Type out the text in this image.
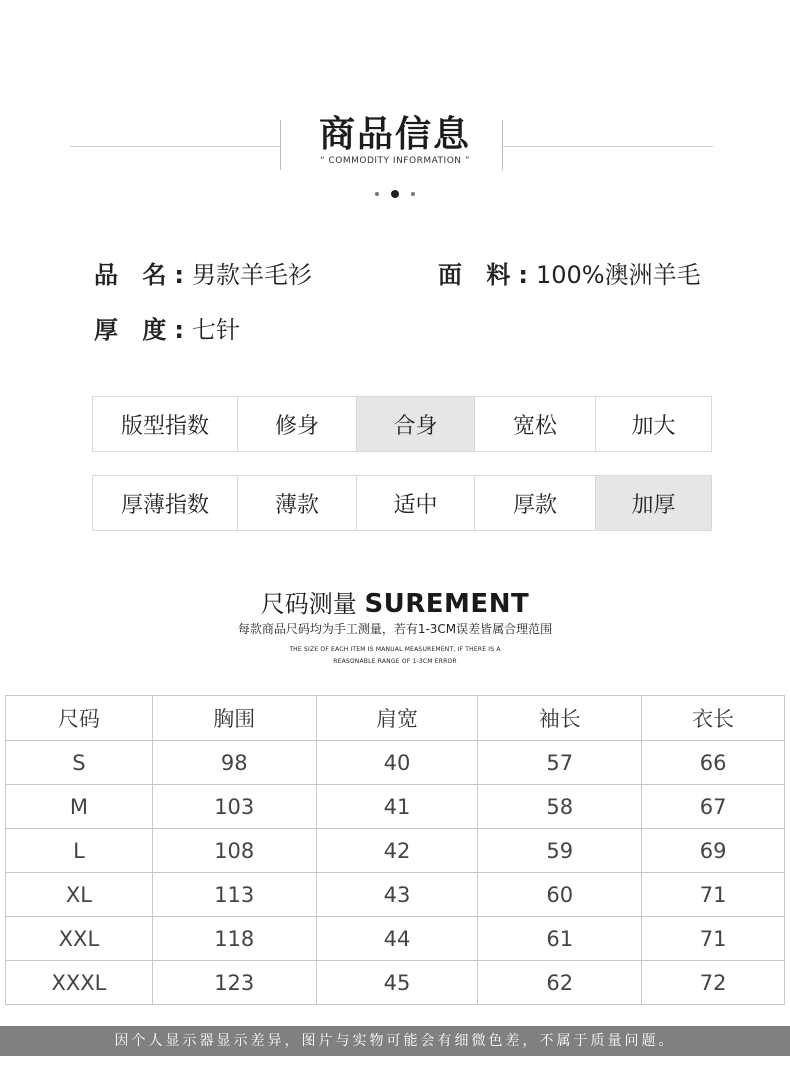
商品信息
“ COMMODITY INFORMATION ”
品 名:男款羊毛衫	面 料:100%澳洲羊毛
厚 度:七针
版型指数	修身	合身	宽松	加大
厚薄指数	薄款	适中	厚款	加厚
尺码测量 SUREMENT
每款商品尺码均为手工测量，若有1-3CM误差皆属合理范围
THE SIZE OF EACH ITEM IS MANUAL MEASUREMENT, IF THERE IS A
REASONABLE RANGE OF 1-3CM ERROR
尺码	胸围	肩宽	袖长	衣长
S	98	40	57	66
M	103	41	58	67
L	108	42	59	69
XL	113	43	60	71
XXL	118	44	61	71
XXXL	123	45	62	72
因个人显示器显示差异，图片与实物可能会有细微色差，不属于质量问题。
